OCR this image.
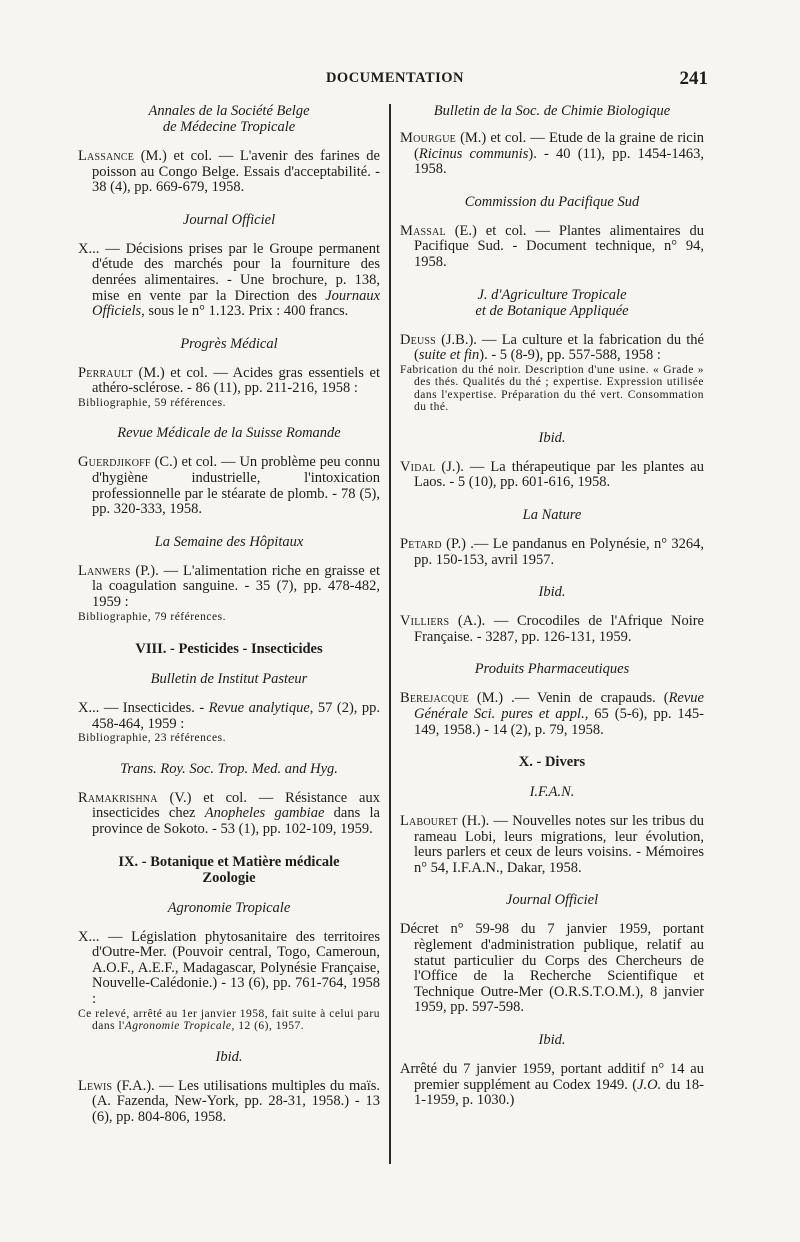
DOCUMENTATION	241
Annales de la Société Belge
de Médecine Tropicale
Lassance (M.) et col. — L'avenir des farines de poisson au Congo Belge. Essais d'acceptabilité. - 38 (4), pp. 669-679, 1958.
Journal Officiel
X... — Décisions prises par le Groupe permanent d'étude des marchés pour la fourniture des denrées alimentaires. - Une brochure, p. 138, mise en vente par la Direction des Journaux Officiels, sous le n° 1.123. Prix : 400 francs.
Progrès Médical
Perrault (M.) et col. — Acides gras essentiels et athéro-sclérose. - 86 (11), pp. 211-216, 1958 :
Bibliographie, 59 références.
Revue Médicale de la Suisse Romande
Guerdjikoff (C.) et col. — Un problème peu connu d'hygiène industrielle, l'intoxication professionnelle par le stéarate de plomb. - 78 (5), pp. 320-333, 1958.
La Semaine des Hôpitaux
Lanwers (P.). — L'alimentation riche en graisse et la coagulation sanguine. - 35 (7), pp. 478-482, 1959 :
Bibliographie, 79 références.
VIII. - Pesticides - Insecticides
Bulletin de Institut Pasteur
X... — Insecticides. - Revue analytique, 57 (2), pp. 458-464, 1959 :
Bibliographie, 23 références.
Trans. Roy. Soc. Trop. Med. and Hyg.
Ramakrishna (V.) et col. — Résistance aux insecticides chez Anopheles gambiae dans la province de Sokoto. - 53 (1), pp. 102-109, 1959.
IX. - Botanique et Matière médicale
Zoologie
Agronomie Tropicale
X... — Législation phytosanitaire des territoires d'Outre-Mer. (Pouvoir central, Togo, Cameroun, A.O.F., A.E.F., Madagascar, Polynésie Française, Nouvelle-Calédonie.) - 13 (6), pp. 761-764, 1958 :
Ce relevé, arrêté au 1er janvier 1958, fait suite à celui paru dans l'Agronomie Tropicale, 12 (6), 1957.
Ibid.
Lewis (F.A.). — Les utilisations multiples du maïs. (A. Fazenda, New-York, pp. 28-31, 1958.) - 13 (6), pp. 804-806, 1958.
Bulletin de la Soc. de Chimie Biologique
Mourgue (M.) et col. — Etude de la graine de ricin (Ricinus communis). - 40 (11), pp. 1454-1463, 1958.
Commission du Pacifique Sud
Massal (E.) et col. — Plantes alimentaires du Pacifique Sud. - Document technique, n° 94, 1958.
J. d'Agriculture Tropicale
et de Botanique Appliquée
Deuss (J.B.). — La culture et la fabrication du thé (suite et fin). - 5 (8-9), pp. 557-588, 1958 :
Fabrication du thé noir. Description d'une usine. « Grade » des thés. Qualités du thé ; expertise. Expression utilisée dans l'expertise. Préparation du thé vert. Consommation du thé.
Ibid.
Vidal (J.). — La thérapeutique par les plantes au Laos. - 5 (10), pp. 601-616, 1958.
La Nature
Petard (P.) .— Le pandanus en Polynésie, n° 3264, pp. 150-153, avril 1957.
Ibid.
Villiers (A.). — Crocodiles de l'Afrique Noire Française. - 3287, pp. 126-131, 1959.
Produits Pharmaceutiques
Berejacque (M.) .— Venin de crapauds. (Revue Générale Sci. pures et appl., 65 (5-6), pp. 145-149, 1958.) - 14 (2), p. 79, 1958.
X. - Divers
I.F.A.N.
Labouret (H.). — Nouvelles notes sur les tribus du rameau Lobi, leurs migrations, leur évolution, leurs parlers et ceux de leurs voisins. - Mémoires n° 54, I.F.A.N., Dakar, 1958.
Journal Officiel
Décret n° 59-98 du 7 janvier 1959, portant règlement d'administration publique, relatif au statut particulier du Corps des Chercheurs de l'Office de la Recherche Scientifique et Technique Outre-Mer (O.R.S.T.O.M.), 8 janvier 1959, pp. 597-598.
Ibid.
Arrêté du 7 janvier 1959, portant additif n° 14 au premier supplément au Codex 1949. (J.O. du 18-1-1959, p. 1030.)
